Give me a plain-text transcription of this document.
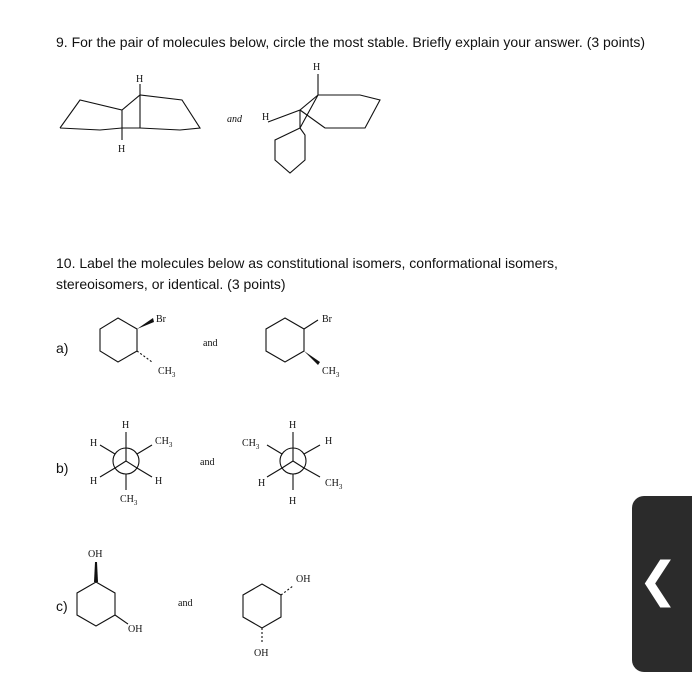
9. For the pair of molecules below, circle the most stable. Briefly explain your answer. (3 points)

10. Label the molecules below as constitutional isomers, conformational isomers,

stereoisomers, or identical. (3 points)

a)
b)
c)
H
H
and
H
H
Br
$CH_3$
and
Br
$CH_3$
H
H
H
$CH_3$
H
$CH_3$
and
H
$CH_3$
H
H
$CH_3$
H
OH
OH
and
OH
OH
❮
